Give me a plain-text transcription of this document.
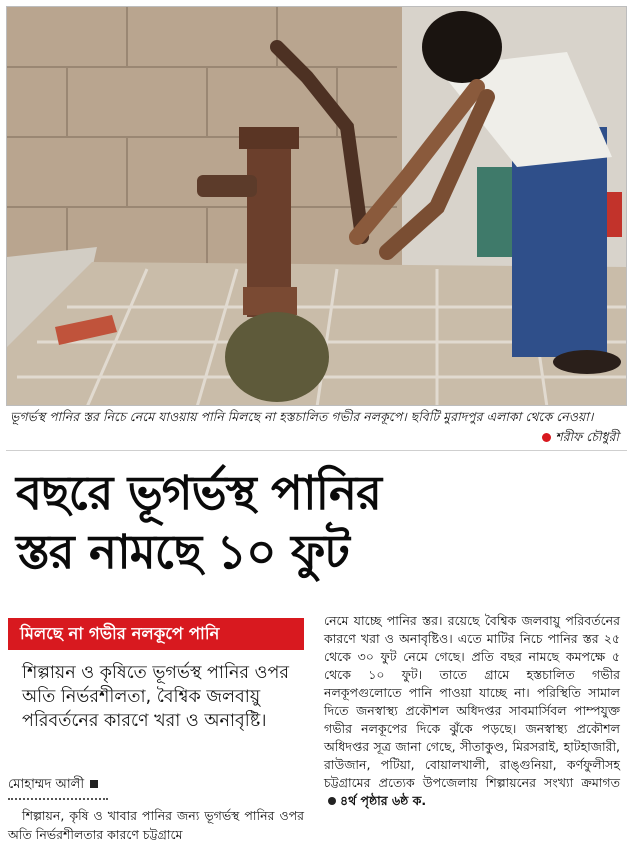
ভূগর্ভস্থ পানির স্তর নিচে নেমে যাওয়ায় পানি মিলছে না হস্তচালিত গভীর নলকূপে। ছবিটি মুরাদপুর এলাকা থেকে নেওয়া।
শরীফ চৌধুরী
বছরে ভূগর্ভস্থ পানির
স্তর নামছে ১০ ফুট
মিলছে না গভীর নলকূপে পানি
শিল্পায়ন ও কৃষিতে ভূগর্ভস্থ পানির ওপর অতি নির্ভরশীলতা, বৈশ্বিক জলবায়ু পরিবর্তনের কারণে খরা ও অনাবৃষ্টি।
মোহাম্মদ আলী
শিল্পায়ন, কৃষি ও খাবার পানির জন্য ভূগর্ভস্থ পানির ওপর অতি নির্ভরশীলতার কারণে চট্টগ্রামে
নেমে যাচ্ছে পানির স্তর। রয়েছে বৈশ্বিক জলবায়ু পরিবর্তনের কারণে খরা ও অনাবৃষ্টিও। এতে মাটির নিচে পানির স্তর ২৫ থেকে ৩০ ফুট নেমে গেছে। প্রতি বছর নামছে কমপক্ষে ৫ থেকে ১০ ফুট। তাতে গ্রামে হস্তচালিত গভীর নলকূপগুলোতে পানি পাওয়া যাচ্ছে না। পরিস্থিতি সামাল দিতে জনস্বাস্থ্য প্রকৌশল অধিদপ্তর সাবমার্সিবল পাম্পযুক্ত গভীর নলকূপের দিকে ঝুঁকে পড়ছে। জনস্বাস্থ্য প্রকৌশল অধিদপ্তর সূত্র জানা গেছে, সীতাকুণ্ড, মিরসরাই, হাটহাজারী, রাউজান, পটিয়া, বোয়ালখালী, রাঙ্গুনিয়া, কর্ণফুলীসহ চট্টগ্রামের প্রত্যেক উপজেলায় শিল্পায়নের সংখ্যা ক্রমাগত ৪র্থ পৃষ্ঠার ৬ষ্ঠ ক.
